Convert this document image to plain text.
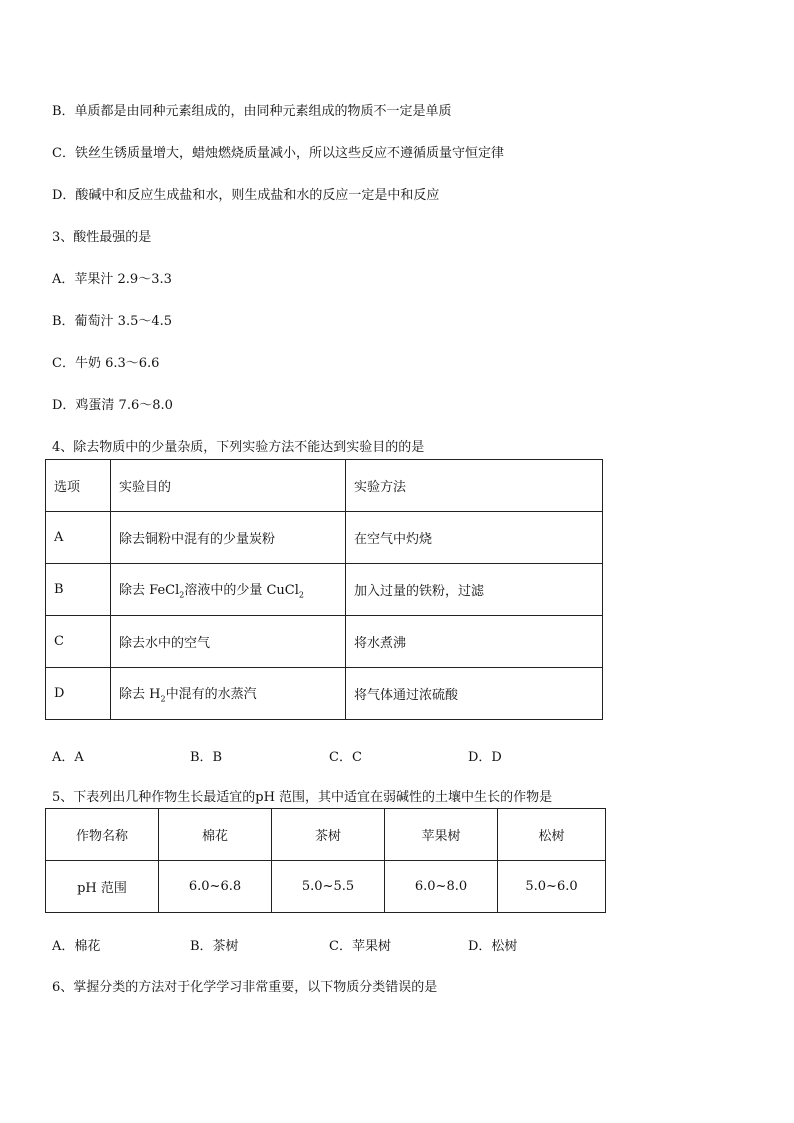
B．单质都是由同种元素组成的，由同种元素组成的物质不一定是单质
C．铁丝生锈质量增大，蜡烛燃烧质量减小，所以这些反应不遵循质量守恒定律
D．酸碱中和反应生成盐和水，则生成盐和水的反应一定是中和反应
3、酸性最强的是
A．苹果汁 2.9～3.3
B．葡萄汁 3.5～4.5
C．牛奶 6.3～6.6
D．鸡蛋清 7.6～8.0
4、除去物质中的少量杂质，下列实验方法不能达到实验目的的是
选项	实验目的	实验方法
A	除去铜粉中混有的少量炭粉	在空气中灼烧
B	除去 FeCl$_2$溶液中的少量 CuCl$_2$	加入过量的铁粉，过滤
C	除去水中的空气	将水煮沸
D	除去 $H_2$中混有的水蒸汽	将气体通过浓硫酸
A．A	B．B	C．C	D．D
5、下表列出几种作物生长最适宜的pH 范围，其中适宜在弱碱性的土壤中生长的作物是
作物名称	棉花	茶树	苹果树	松树
pH 范围	6.0~6.8	5.0~5.5	6.0~8.0	5.0~6.0
A．棉花	B．茶树	C．苹果树	D．松树
6、掌握分类的方法对于化学学习非常重要，以下物质分类错误的是
